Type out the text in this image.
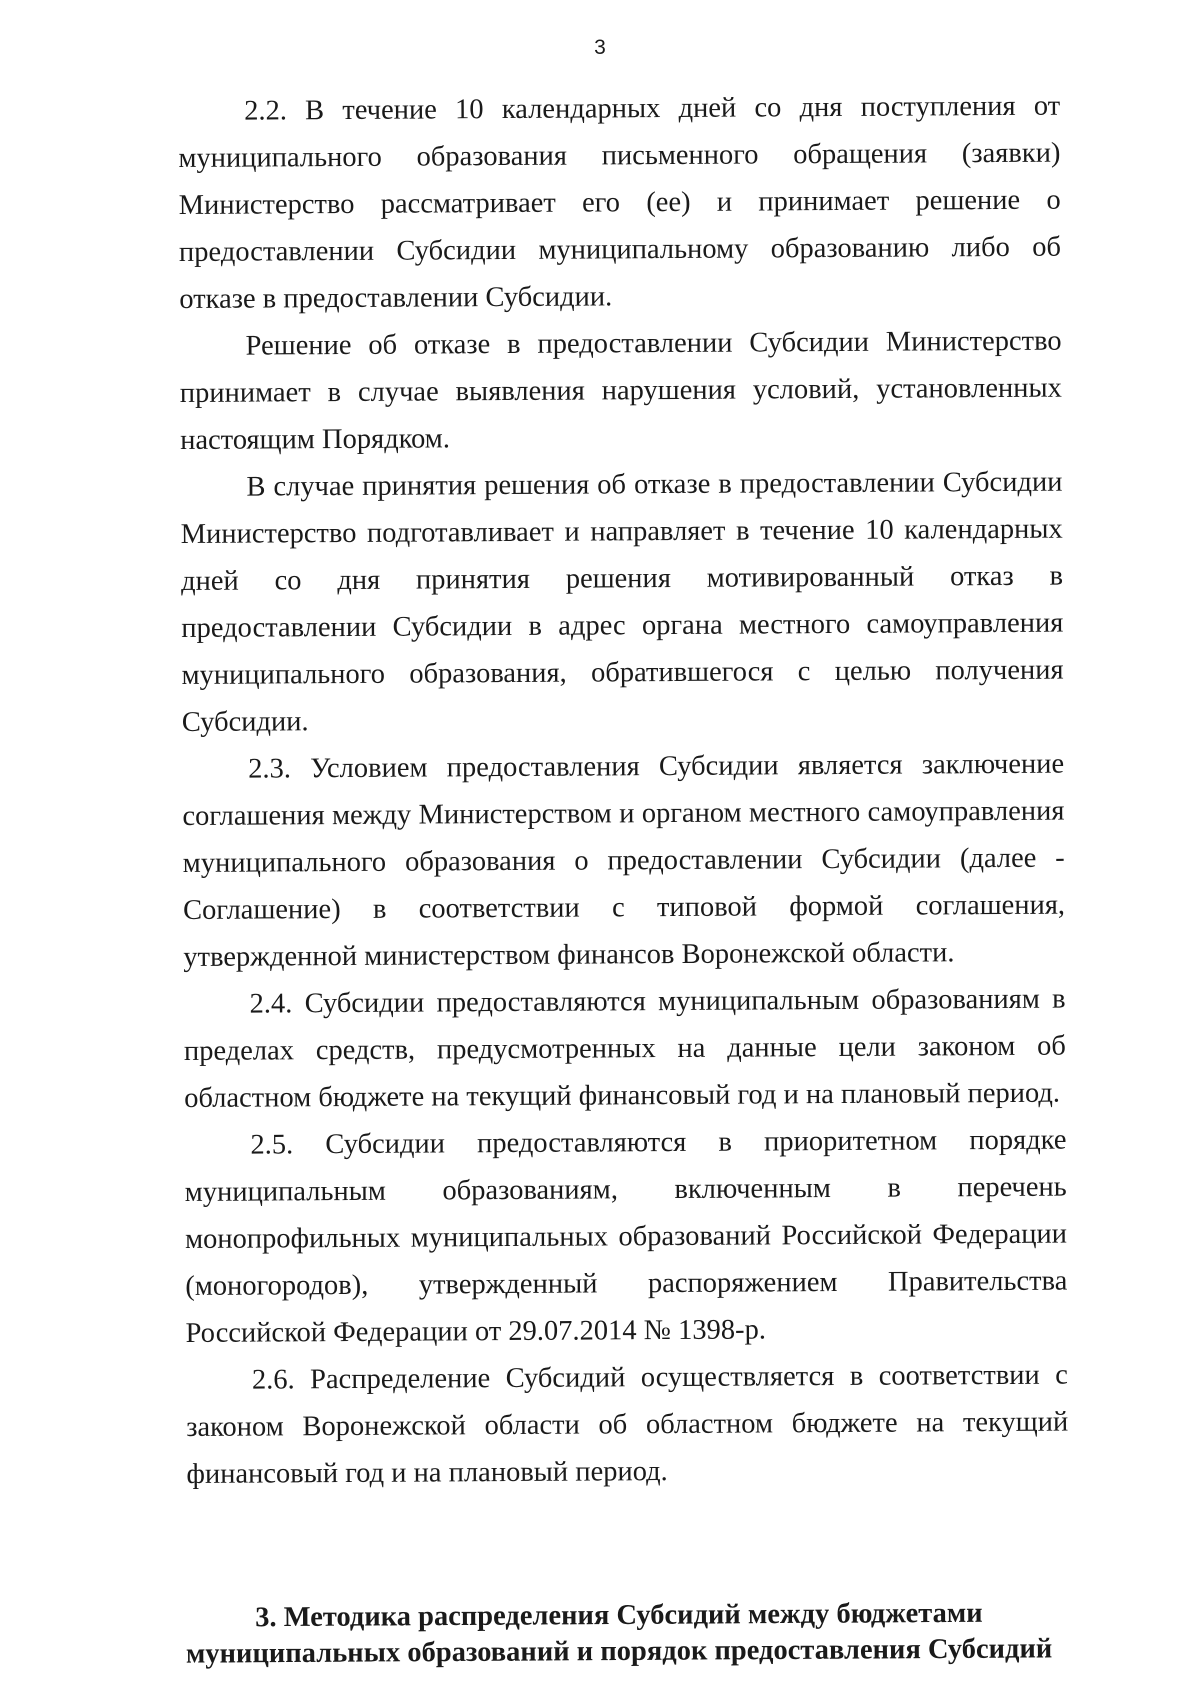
3

2.2. В течение 10 календарных дней со дня поступления от муниципального образования письменного обращения (заявки) Министерство рассматривает его (ее) и принимает решение о предоставлении Субсидии муниципальному образованию либо об отказе в предоставлении Субсидии.

Решение об отказе в предоставлении Субсидии Министерство принимает в случае выявления нарушения условий, установленных настоящим Порядком.

В случае принятия решения об отказе в предоставлении Субсидии Министерство подготавливает и направляет в течение 10 календарных дней со дня принятия решения мотивированный отказ в предоставлении Субсидии в адрес органа местного самоуправления муниципального образования, обратившегося с целью получения Субсидии.

2.3. Условием предоставления Субсидии является заключение соглашения между Министерством и органом местного самоуправления муниципального образования о предоставлении Субсидии (далее - Соглашение) в соответствии с типовой формой соглашения, утвержденной министерством финансов Воронежской области.

2.4. Субсидии предоставляются муниципальным образованиям в пределах средств, предусмотренных на данные цели законом об областном бюджете на текущий финансовый год и на плановый период.

2.5. Субсидии предоставляются в приоритетном порядке муниципальным образованиям, включенным в перечень монопрофильных муниципальных образований Российской Федерации (моногородов), утвержденный распоряжением Правительства Российской Федерации от 29.07.2014 № 1398-р.

2.6. Распределение Субсидий осуществляется в соответствии с законом Воронежской области об областном бюджете на текущий финансовый год и на плановый период.

3. Методика распределения Субсидий между бюджетами
муниципальных образований и порядок предоставления Субсидий
